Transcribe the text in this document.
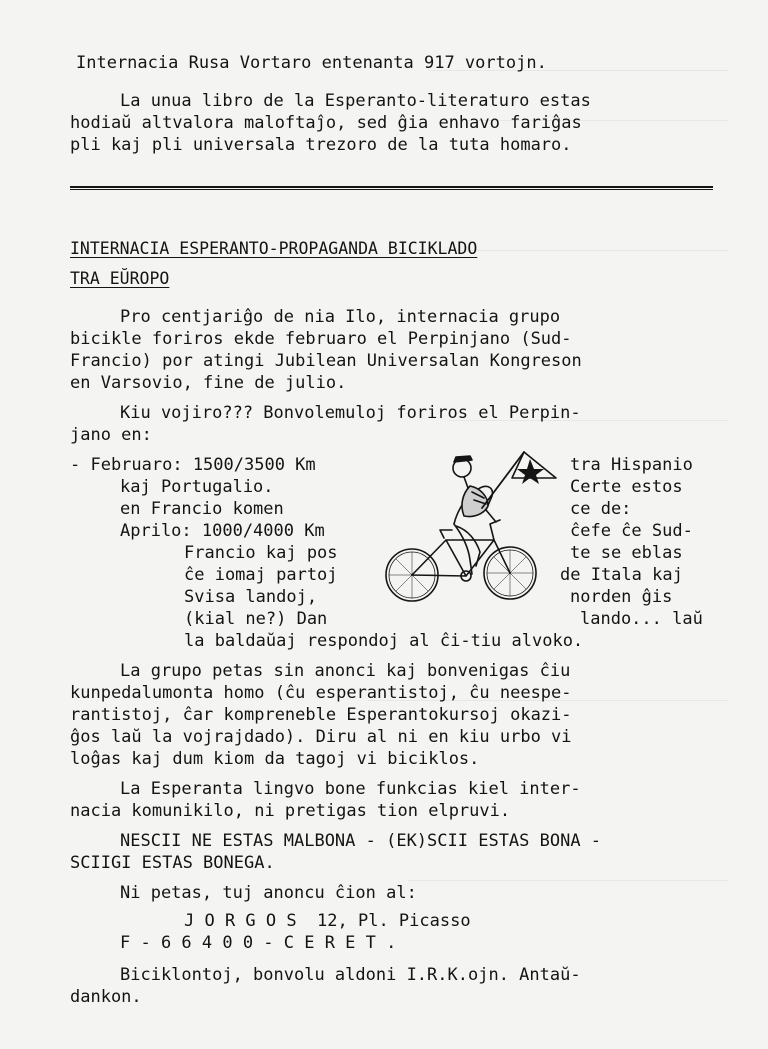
Internacia Rusa Vortaro entenanta 917 vortojn.
La unua libro de la Esperanto-literaturo estas
hodiaŭ altvalora maloftaĵo, sed ĝia enhavo fariĝas
pli kaj pli universala trezoro de la tuta homaro.
INTERNACIA ESPERANTO-PROPAGANDA BICIKLADO
TRA EŬROPO
Pro centjariĝo de nia Ilo, internacia grupo
bicikle foriros ekde februaro el Perpinjano (Sud-
Francio) por atingi Jubilean Universalan Kongreson
en Varsovio, fine de julio.
Kiu vojiro??? Bonvolemuloj foriros el Perpin-
jano en:
- Februaro: 1500/3500 Km
kaj Portugalio.
en Francio komen
Aprilo: 1000/4000 Km
Francio kaj pos
ĉe iomaj partoj
Svisa landoj,
(kial ne?) Dan
tra Hispanio
Certe estos
ce de:
ĉefe ĉe Sud-
te se eblas
de Itala kaj
norden ĝis
lando... laŭ
la baldaŭaj respondoj al ĉi-tiu alvoko.
La grupo petas sin anonci kaj bonvenigas ĉiu
kunpedalumonta homo (ĉu esperantistoj, ĉu neespe-
rantistoj, ĉar kompreneble Esperantokursoj okazi-
ĝos laŭ la vojrajdado). Diru al ni en kiu urbo vi
loĝas kaj dum kiom da tagoj vi biciklos.
La Esperanta lingvo bone funkcias kiel inter-
nacia komunikilo, ni pretigas tion elpruvi.
NESCII NE ESTAS MALBONA - (EK)SCII ESTAS BONA -
SCIIGI ESTAS BONEGA.
Ni petas, tuj anoncu ĉion al:
J O R G O S  12, Pl. Picasso
F - 6 6 4 0 0 - C E R E T .
Biciklontoj, bonvolu aldoni I.R.K.ojn. Antaŭ-
dankon.
